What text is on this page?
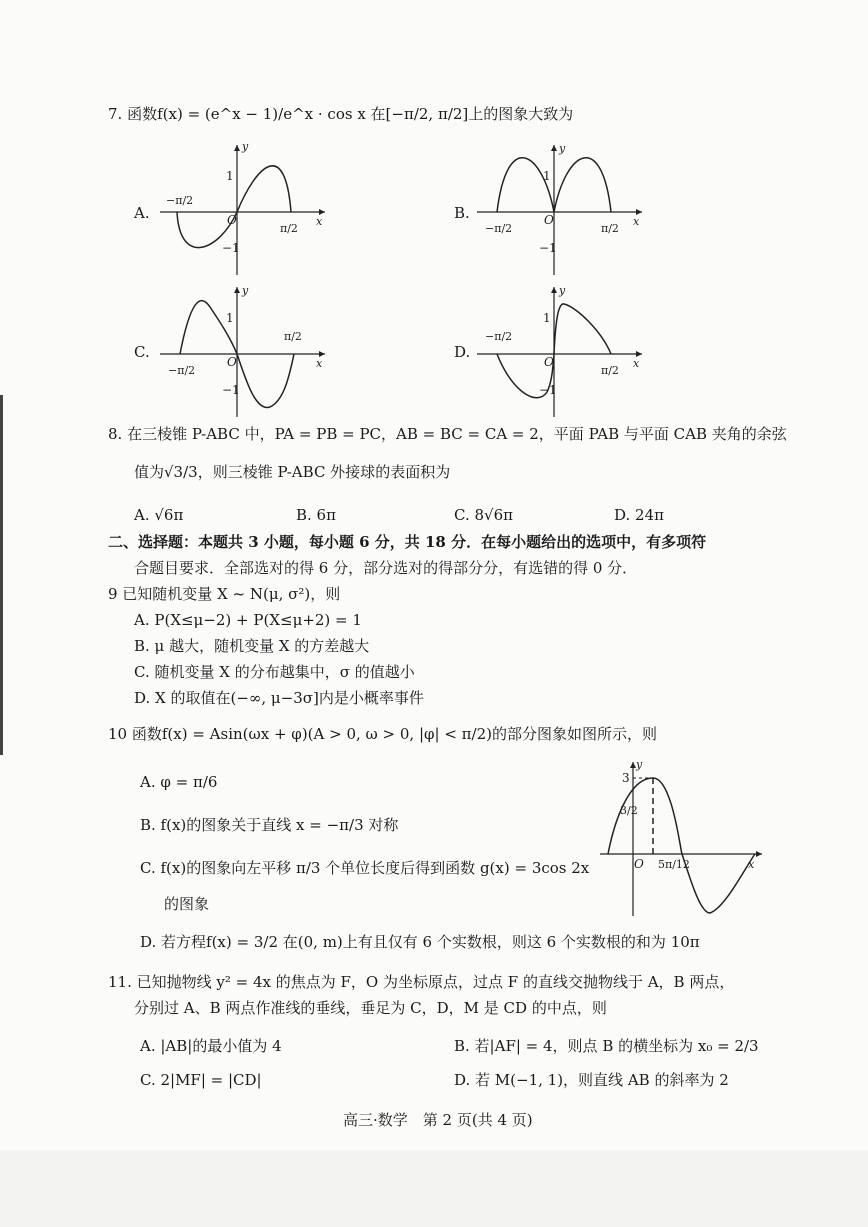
7. 函数f(x) = (e^x − 1)/e^x · cos x 在[−π/2, π/2]上的图象大致为
A.	O	x
y
1
−1
−π/2
π/2
B.	O	x
y
1
−1
−π/2	π/2
C.
O	x
y
1
−1
−π/2
π/2
D.
O	x
y
1
−1
−π/2
π/2
8. 在三棱锥 P-ABC 中，PA = PB = PC，AB = BC = CA = 2，平面 PAB 与平面 CAB 夹角的余弦
值为√3/3，则三棱锥 P-ABC 外接球的表面积为
A. √6π	B. 6π	C. 8√6π	D. 24π
二、选择题：本题共 3 小题，每小题 6 分，共 18 分．在每小题给出的选项中，有多项符
合题目要求．全部选对的得 6 分，部分选对的得部分分，有选错的得 0 分．
9 已知随机变量 X ~ N(μ, σ²)，则
A. P(X≤μ−2) + P(X≤μ+2) = 1
B. μ 越大，随机变量 X 的方差越大
C. 随机变量 X 的分布越集中，σ 的值越小
D. X 的取值在(−∞, μ−3σ]内是小概率事件
10 函数f(x) = Asin(ωx + φ)(A > 0, ω > 0, |φ| < π/2)的部分图象如图所示，则
A. φ = π/6
B. f(x)的图象关于直线 x = −π/3 对称
C. f(x)的图象向左平移 π/3 个单位长度后得到函数 g(x) = 3cos 2x
的图象
D. 若方程f(x) = 3/2 在(0, m)上有且仅有 6 个实数根，则这 6 个实数根的和为 10π
3
3/2
O 5π/12	x
y
11. 已知抛物线 y² = 4x 的焦点为 F，O 为坐标原点，过点 F 的直线交抛物线于 A，B 两点，
分别过 A、B 两点作准线的垂线，垂足为 C，D，M 是 CD 的中点，则
A. |AB|的最小值为 4	B. 若|AF| = 4，则点 B 的横坐标为 x₀ = 2/3
C. 2|MF| = |CD|	D. 若 M(−1, 1)，则直线 AB 的斜率为 2
高三·数学　第 2 页(共 4 页)
